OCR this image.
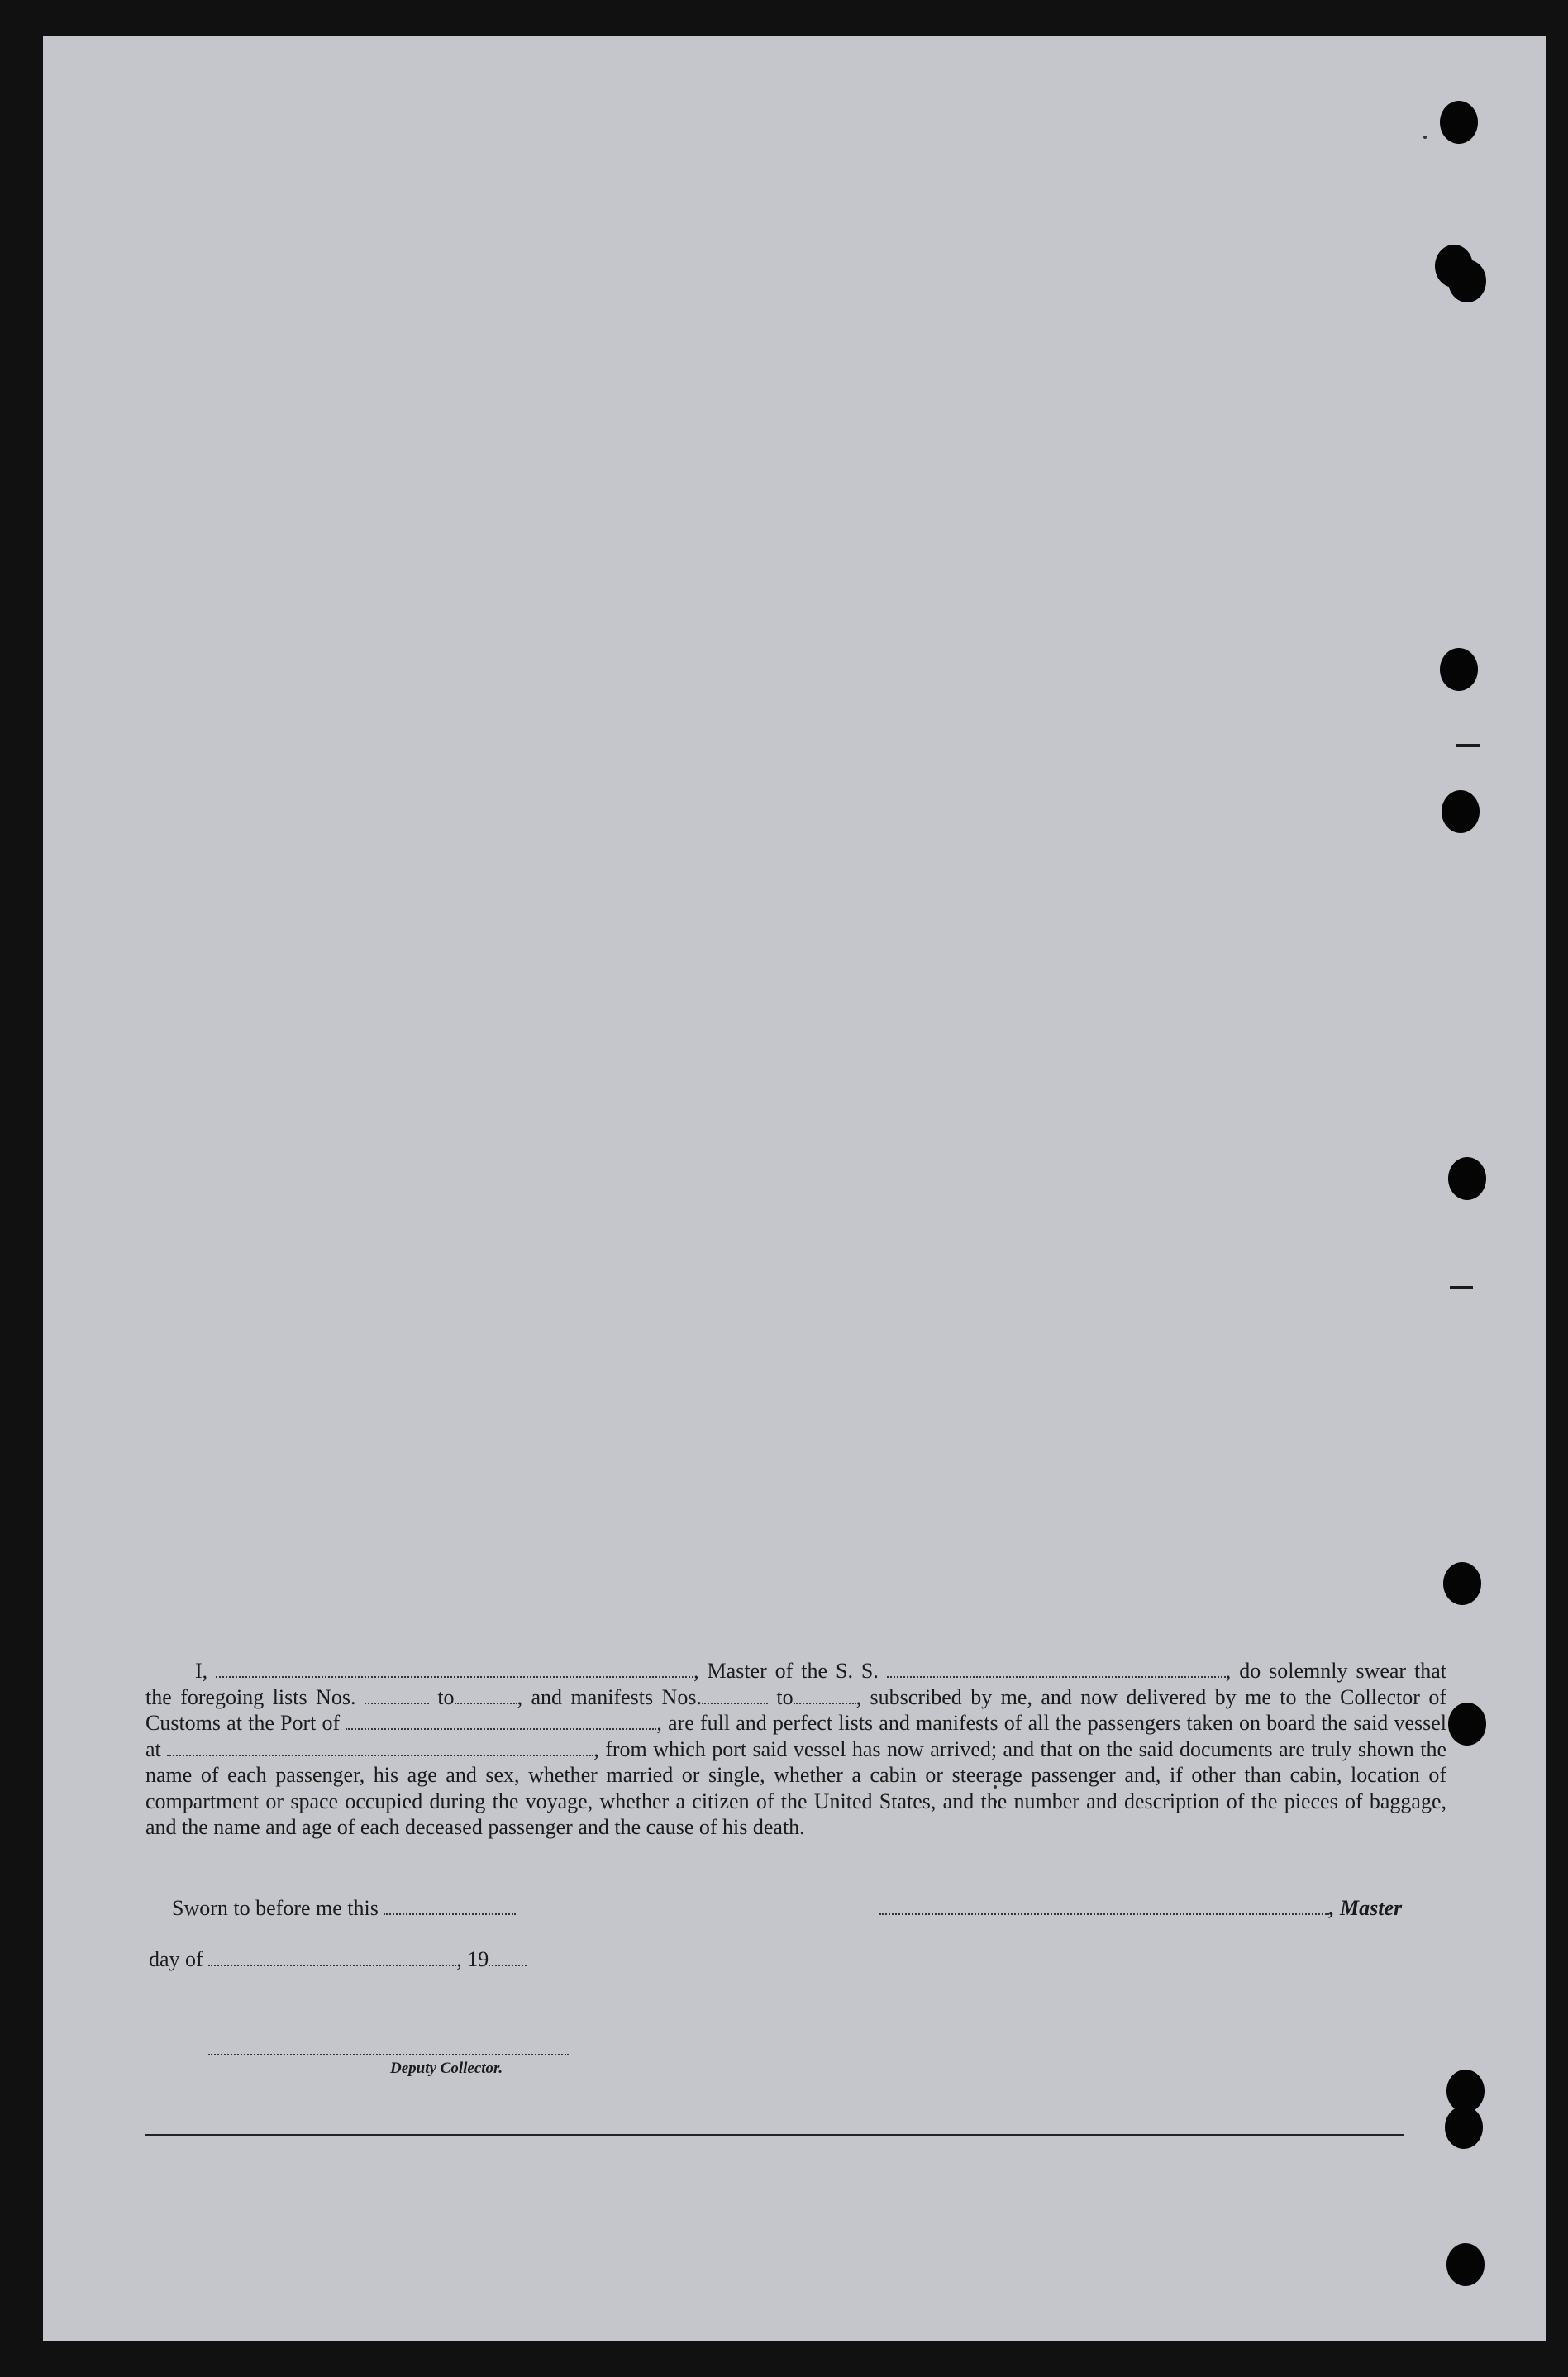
I,	, Master of the S. S.	, do solemnly swear that the foregoing lists Nos.	to	, and manifests Nos.	to	, subscribed by me, and now delivered by me to the Collector of Customs at the Port of	, are full and perfect lists and manifests of all the passengers taken on board the said vessel at	, from which port said vessel has now arrived; and that on the said documents are truly shown the name of each passenger, his age and sex, whether married or single, whether a cabin or steerage passenger and, if other than cabin, location of compartment or space occupied during the voyage, whether a citizen of the United States, and the number and description of the pieces of baggage, and the name and age of each deceased passenger and the cause of his death.
Sworn to before me this	, Master
day of	, 19
Deputy Collector.
